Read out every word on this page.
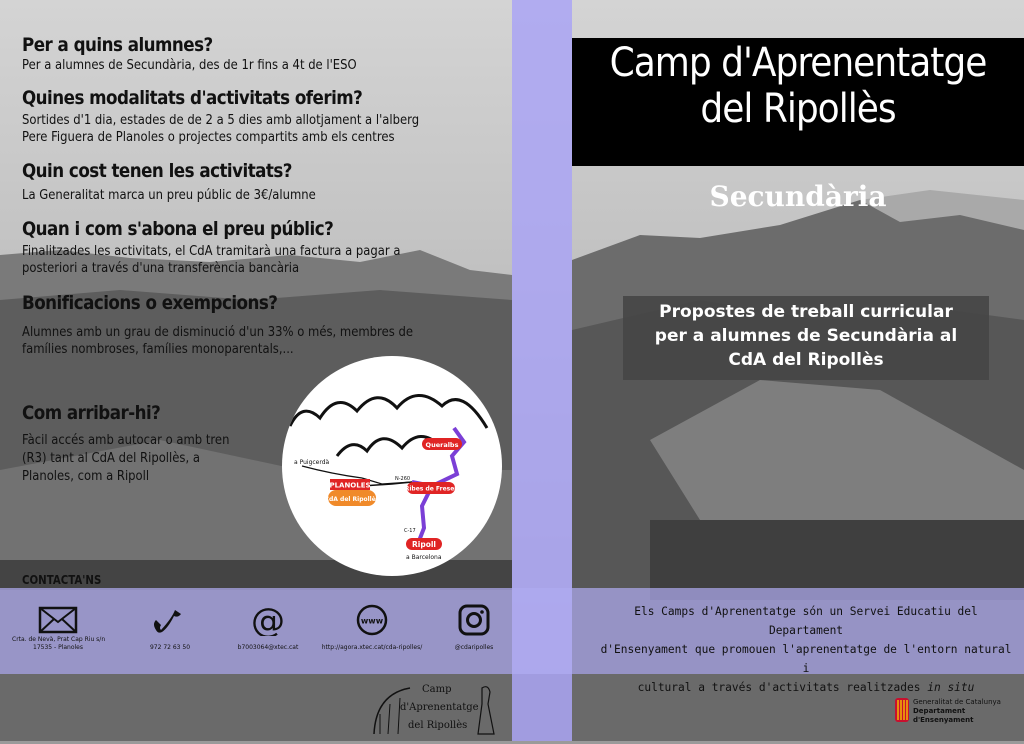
Per a quins alumnes?
Per a alumnes de Secundària, des de 1r fins a 4t de l'ESO
Quines modalitats d'activitats oferim?
Sortides d'1 dia, estades de de 2 a 5 dies amb allotjament a l'alberg
Pere Figuera de Planoles o projectes compartits amb els centres
Quin cost tenen les activitats?
La Generalitat marca un preu públic de 3€/alumne
Quan i com s'abona el preu públic?
Finalitzades les activitats, el CdA tramitarà una factura a pagar a
posteriori a través d'una transferència bancària
Bonificacions o exempcions?
Alumnes amb un grau de disminució d'un 33% o més, membres de
famílies nombroses, famílies monoparentals,...
Com arribar-hi?
Fàcil accés amb autocar o amb tren
(R3) tant al CdA del Ripollès, a
Planoles, com a Ripoll
a Puigcerdà
Queralbs
PLANOLES
CdA del Ripollès
N-260
Ribes de Freser
C-17
Ripoll
a Barcelona
CONTACTA'NS
Crta. de Nevà, Prat Cap Riu s/n
17535 - Planoles	972 72 63 50
@
b7003064@xtec.cat
www
http://agora.xtec.cat/cda-ripolles/	@cdaripolles
Camp
d'Aprenentatge
del Ripollès
Camp d'Aprenentatge
del Ripollès
Secundària
Propostes de treball curricular
per a alumnes de Secundària al
CdA del Ripollès
Els Camps d'Aprenentatge són un Servei Educatiu del Departament
d'Ensenyament que promouen l'aprenentatge de l'entorn natural i
cultural a través d'activitats realitzades in situ
Generalitat de Catalunya
Departament
d'Ensenyament
